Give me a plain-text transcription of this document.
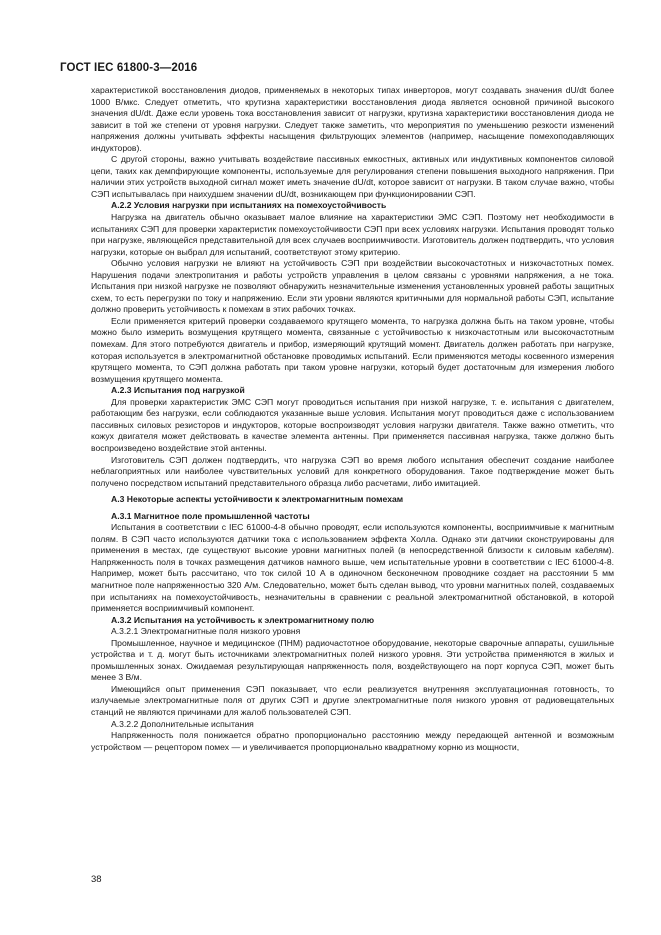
ГОСТ IEC 61800-3—2016

характеристикой восстановления диодов, применяемых в некоторых типах инверторов, могут создавать значения dU/dt более 1000 В/мкс. Следует отметить, что крутизна характеристики восстановления диода является основной причиной высокого значения dU/dt. Даже если уровень тока восстановления зависит от нагрузки, крутизна характеристики восстановления диода не зависит в той же степени от уровня нагрузки. Следует также заметить, что мероприятия по уменьшению резкости изменений напряжения должны учитывать эффекты насыщения фильтрующих элементов (например, насыщение помехоподавляющих индукторов).

С другой стороны, важно учитывать воздействие пассивных емкостных, активных или индуктивных компонентов силовой цепи, таких как демпфирующие компоненты, используемые для регулирования степени повышения выходного напряжения. При наличии этих устройств выходной сигнал может иметь значение dU/dt, которое зависит от нагрузки. В таком случае важно, чтобы СЭП испытывалась при наихудшем значении dU/dt, возникающем при функционировании СЭП.

А.2.2 Условия нагрузки при испытаниях на помехоустойчивость

Нагрузка на двигатель обычно оказывает малое влияние на характеристики ЭМС СЭП. Поэтому нет необходимости в испытаниях СЭП для проверки характеристик помехоустойчивости СЭП при всех условиях нагрузки. Испытания проводят только при нагрузке, являющейся представительной для всех случаев восприимчивости. Изготовитель должен подтвердить, что условия нагрузки, которые он выбрал для испытаний, соответствуют этому критерию.

Обычно условия нагрузки не влияют на устойчивость СЭП при воздействии высокочастотных и низкочастотных помех. Нарушения подачи электропитания и работы устройств управления в целом связаны с уровнями напряжения, а не тока. Испытания при низкой нагрузке не позволяют обнаружить незначительные изменения установленных уровней работы защитных схем, то есть перегрузки по току и напряжению. Если эти уровни являются критичными для нормальной работы СЭП, испытание должно проверить устойчивость к помехам в этих рабочих точках.

Если применяется критерий проверки создаваемого крутящего момента, то нагрузка должна быть на таком уровне, чтобы можно было измерить возмущения крутящего момента, связанные с устойчивостью к низкочастотным или высокочастотным помехам. Для этого потребуются двигатель и прибор, измеряющий крутящий момент. Двигатель должен работать при нагрузке, которая используется в электромагнитной обстановке проводимых испытаний. Если применяются методы косвенного измерения крутящего момента, то СЭП должна работать при таком уровне нагрузки, который будет достаточным для измерения любого возмущения крутящего момента.

А.2.3 Испытания под нагрузкой

Для проверки характеристик ЭМС СЭП могут проводиться испытания при низкой нагрузке, т. е. испытания с двигателем, работающим без нагрузки, если соблюдаются указанные выше условия. Испытания могут проводиться даже с использованием пассивных силовых резисторов и индукторов, которые воспроизводят условия нагрузки двигателя. Также важно отметить, что кожух двигателя может действовать в качестве элемента антенны. При применяется пассивная нагрузка, также должно быть воспроизведено воздействие этой антенны.

Изготовитель СЭП должен подтвердить, что нагрузка СЭП во время любого испытания обеспечит создание наиболее неблагоприятных или наиболее чувствительных условий для конкретного оборудования. Такое подтверждение может быть получено посредством испытаний представительного образца либо расчетами, либо имитацией.

А.3 Некоторые аспекты устойчивости к электромагнитным помехам
А.3.1 Магнитное поле промышленной частоты

Испытания в соответствии с IEC 61000-4-8 обычно проводят, если используются компоненты, восприимчивые к магнитным полям. В СЭП часто используются датчики тока с использованием эффекта Холла. Однако эти датчики сконструированы для применения в местах, где существуют высокие уровни магнитных полей (в непосредственной близости к силовым кабелям). Напряженность поля в точках размещения датчиков намного выше, чем испытательные уровни в соответствии с IEC 61000-4-8. Например, может быть рассчитано, что ток силой 10 А в одиночном бесконечном проводнике создает на расстоянии 5 мм магнитное поле напряженностью 320 А/м. Следовательно, может быть сделан вывод, что уровни магнитных полей, создаваемых при испытаниях на помехоустойчивость, незначительны в сравнении с реальной электромагнитной обстановкой, в которой применяется восприимчивый компонент.

А.3.2 Испытания на устойчивость к электромагнитному полю
А.3.2.1 Электромагнитные поля низкого уровня

Промышленное, научное и медицинское (ПНМ) радиочастотное оборудование, некоторые сварочные аппараты, сушильные устройства и т. д. могут быть источниками электромагнитных полей низкого уровня. Эти устройства применяются в жилых и промышленных зонах. Ожидаемая результирующая напряженность поля, воздействующего на порт корпуса СЭП, может быть менее 3 В/м.

Имеющийся опыт применения СЭП показывает, что если реализуется внутренняя эксплуатационная готовность, то излучаемые электромагнитные поля от других СЭП и другие электромагнитные поля низкого уровня от радиовещательных станций не являются причинами для жалоб пользователей СЭП.

А.3.2.2 Дополнительные испытания

Напряженность поля понижается обратно пропорционально расстоянию между передающей антенной и возможным устройством — рецептором помех — и увеличивается пропорционально квадратному корню из мощности,

38
